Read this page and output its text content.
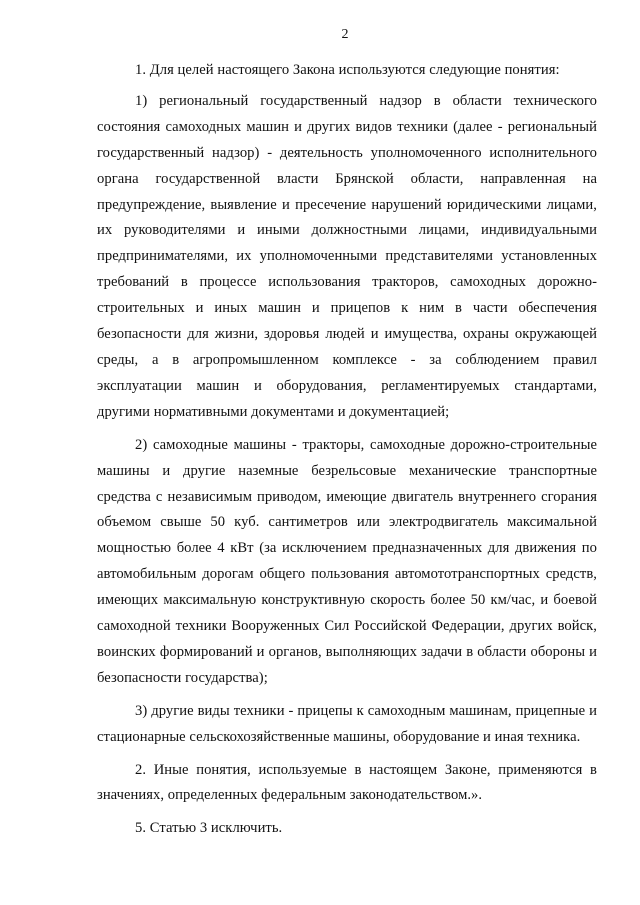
2

1. Для целей настоящего Закона используются следующие понятия:

1) региональный государственный надзор в области технического состояния самоходных машин и других видов техники (далее - региональный государственный надзор) - деятельность уполномоченного исполнительного органа государственной власти Брянской области, направленная на предупреждение, выявление и пресечение нарушений юридическими лицами, их руководителями и иными должностными лицами, индивидуальными предпринимателями, их уполномоченными представителями установленных требований в процессе использования тракторов, самоходных дорожно-строительных и иных машин и прицепов к ним в части обеспечения безопасности для жизни, здоровья людей и имущества, охраны окружающей среды, а в агропромышленном комплексе - за соблюдением правил эксплуатации машин и оборудования, регламентируемых стандартами, другими нормативными документами и документацией;

2) самоходные машины - тракторы, самоходные дорожно-строительные машины и другие наземные безрельсовые механические транспортные средства с независимым приводом, имеющие двигатель внутреннего сгорания объемом свыше 50 куб. сантиметров или электродвигатель максимальной мощностью более 4 кВт (за исключением предназначенных для движения по автомобильным дорогам общего пользования автомототранспортных средств, имеющих максимальную конструктивную скорость более 50 км/час, и боевой самоходной техники Вооруженных Сил Российской Федерации, других войск, воинских формирований и органов, выполняющих задачи в области обороны и безопасности государства);

3) другие виды техники - прицепы к самоходным машинам, прицепные и стационарные сельскохозяйственные машины, оборудование и иная техника.

2. Иные понятия, используемые в настоящем Законе, применяются в значениях, определенных федеральным законодательством.».

5. Статью 3 исключить.
